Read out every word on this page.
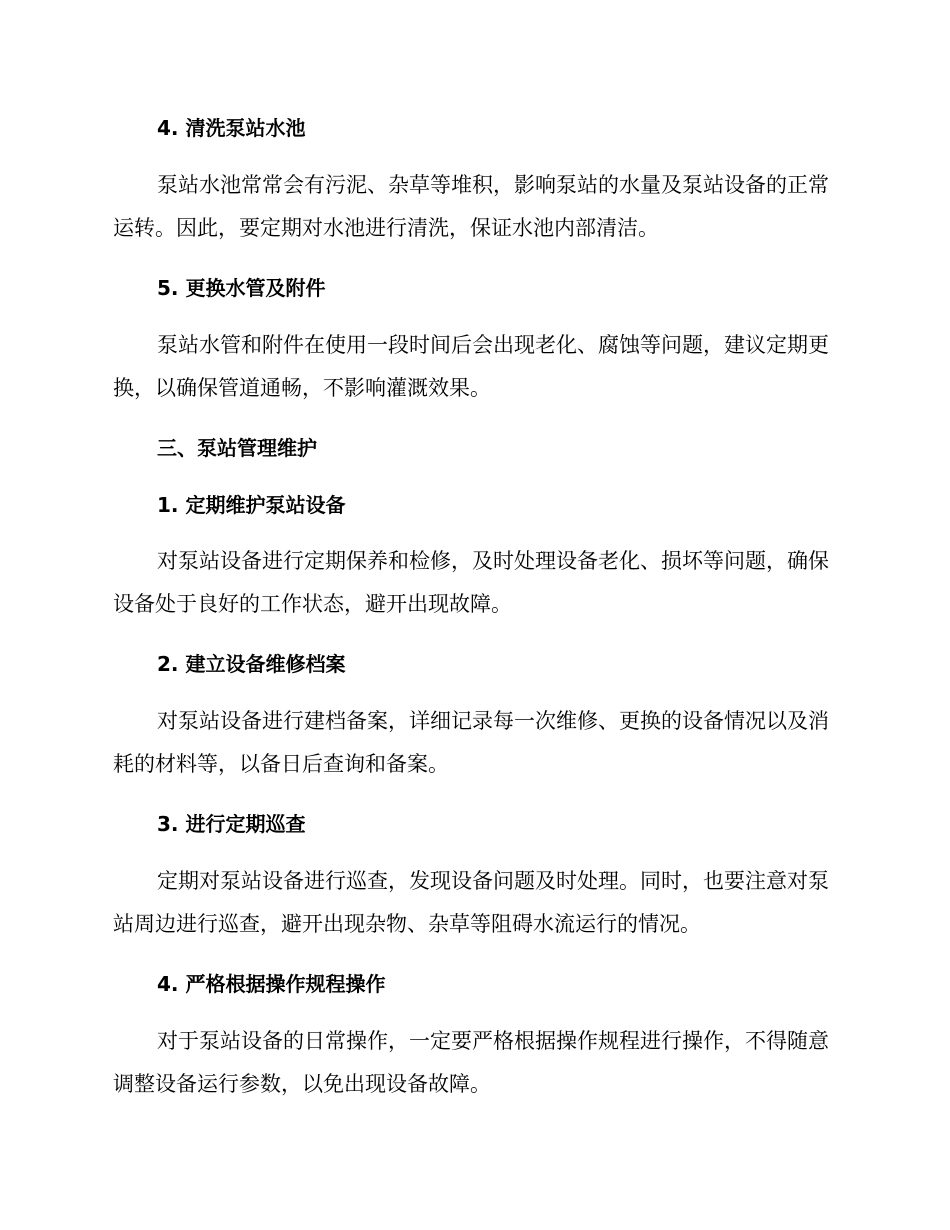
4. 清洗泵站水池
泵站水池常常会有污泥、杂草等堆积，影响泵站的水量及泵站设备的正常运转。因此，要定期对水池进行清洗，保证水池内部清洁。
5. 更换水管及附件
泵站水管和附件在使用一段时间后会出现老化、腐蚀等问题，建议定期更换，以确保管道通畅，不影响灌溉效果。
三、泵站管理维护
1. 定期维护泵站设备
对泵站设备进行定期保养和检修，及时处理设备老化、损坏等问题，确保设备处于良好的工作状态，避开出现故障。
2. 建立设备维修档案
对泵站设备进行建档备案，详细记录每一次维修、更换的设备情况以及消耗的材料等，以备日后查询和备案。
3. 进行定期巡查
定期对泵站设备进行巡查，发现设备问题及时处理。同时，也要注意对泵站周边进行巡查，避开出现杂物、杂草等阻碍水流运行的情况。
4. 严格根据操作规程操作
对于泵站设备的日常操作，一定要严格根据操作规程进行操作，不得随意调整设备运行参数，以免出现设备故障。
